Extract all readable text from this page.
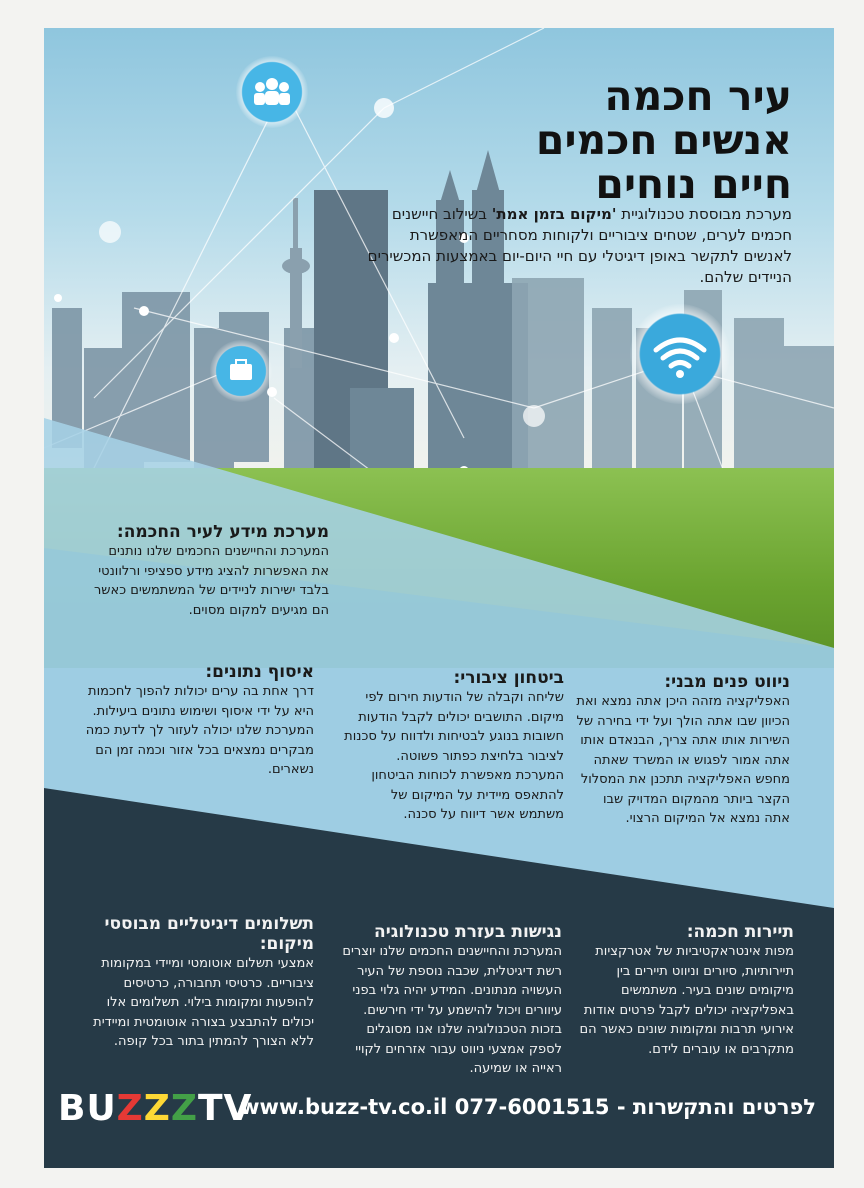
עיר חכמה
אנשים חכמים
חיים נוחים
מערכת מבוססת טכנולוגיית 'מיקום בזמן אמת' בשילוב חיישנים חכמים לערים, שטחים ציבוריים ולקוחות מסחריים המאפשרת לאנשים לתקשר באופן דיגיטלי עם חיי היום-יום באמצעות המכשירים הניידים שלהם.
מערכת מידע לעיר החכמה:
המערכת והחיישנים החכמים שלנו נותנים את האפשרות להציג מידע ספציפי ורלוונטי בלבד ישירות לניידים של המשתמשים כאשר הם מגיעים למקום מסוים.
איסוף נתונים:
דרך אחת בה ערים יכולות להפוך לחכמות היא על ידי איסוף ושימוש נתונים ביעילות. המערכת שלנו יכולה לעזור לך לדעת כמה מבקרים נמצאים בכל אזור וכמה זמן הם נשארים.
ביטחון ציבורי:
שליחה וקבלה של הודעות חירום לפי מיקום. התושבים יכולים לקבל הודעות חשובות בנוגע לבטיחות ולדווח על סכנות לציבור בלחיצת כפתור פשוטה. המערכת מאפשרת לכוחות הביטחון להתאפס מיידית על המיקום של משתמש אשר דיווח על סכנה.
ניווט פנים מבני:
האפליקציה מזהה היכן אתה נמצא ואת הכיוון שבו אתה הולך ועל ידי בחירה של השירות אותו אתה צריך, הבנאדם אותו אתה אמור לפגוש או המשרד שאתה מחפש האפליקציה תתכנן את המסלול הקצר ביותר מהמקום המדויק שבו אתה נמצא אל המיקום הרצוי.
תשלומים דיגיטליים מבוססי מיקום:
אמצעי תשלום אוטומטי ומיידי במקומות ציבוריים. כרטיסי תחבורה, כרטיסים להופעות ומקומות בילוי. תשלומים אלו יכולים להתבצע בצורה אוטומטית ומיידית ללא הצורך להמתין בתור בכל קופה.
נגישות בעזרת טכנולוגיה
המערכת והחיישנים החכמים שלנו יוצרים רשת דיגיטלית, שכבה נוספת של העיר העשויה מנתונים. המידע יהיה גלוי בפני עיוורים ויכול להישמע על ידי חירשים. בזכות הטכנולוגיה שלנו אנו מסוגלים לספק אמצעי ניווט עבור אזרחים לקויי ראייה או שמיעה.
תיירות חכמה:
מפות אינטראקטיביות של אטרקציות תיירותיות, סיורים וניווט תיירים בין מיקומים שונים בעיר. משתמשים באפליקציה יכולים לקבל פרטים אודות אירועי תרבות ומקומות שונים כאשר הם מתקרבים או עוברים לידם.
לפרטים והתקשרות - 077-6001515 www.buzz-tv.co.il
BUZZZTV
